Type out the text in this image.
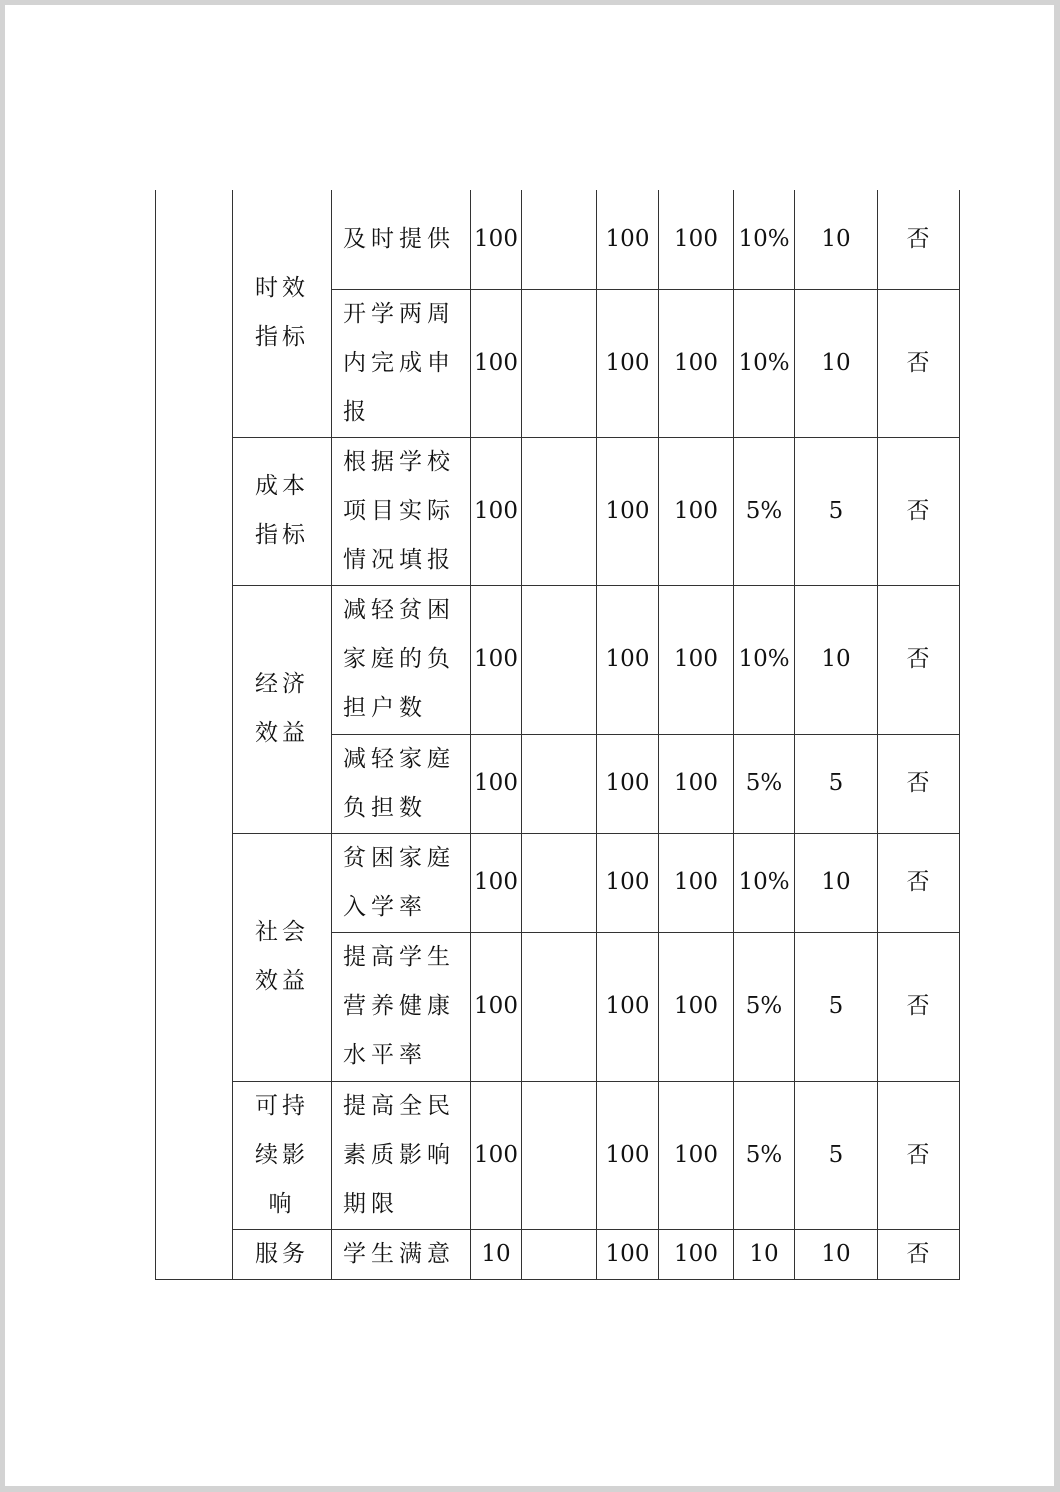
	时效指标	及时提供	100		100	100	10%	10	否
		开学两周内完成申报	100		100	100	10%	10	否
	成本指标	根据学校项目实际情况填报	100		100	100	5%	5	否
	经济效益	减轻贫困家庭的负担户数	100		100	100	10%	10	否
		减轻家庭负担数	100		100	100	5%	5	否
	社会效益	贫困家庭入学率	100		100	100	10%	10	否
		提高学生营养健康水平率	100		100	100	5%	5	否
	可持续影响	提高全民素质影响期限	100		100	100	5%	5	否
	服务	学生满意	10		100	100	10	10	否
